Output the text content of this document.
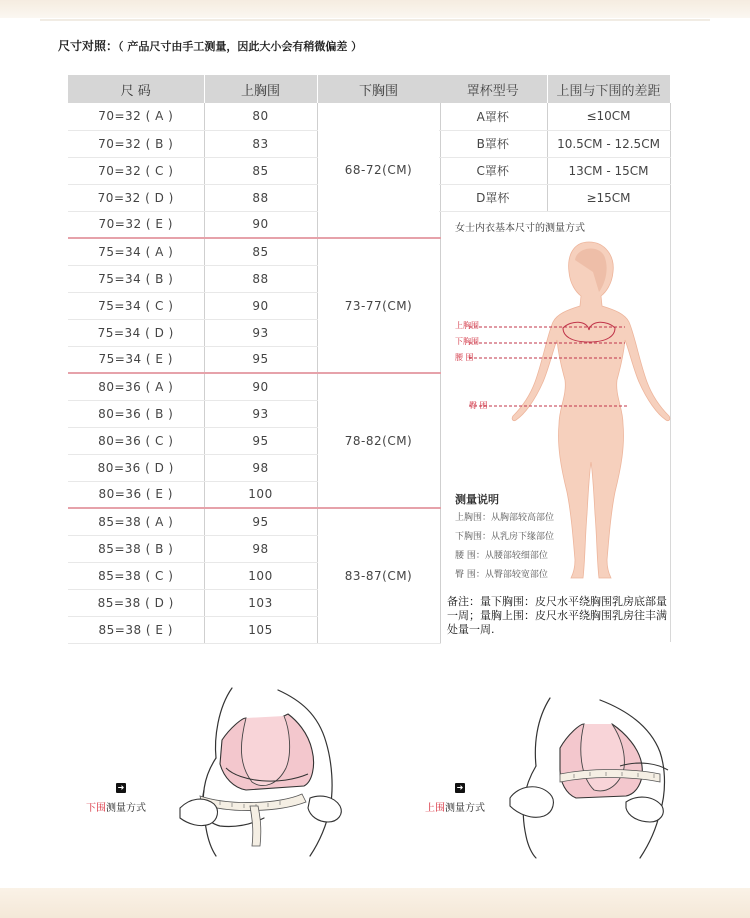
尺寸对照：（ 产品尺寸由手工测量，因此大小会有稍微偏差 ）
尺 码	上胸围	下胸围
70=32 ( A )	80	68-72(CM)
70=32 ( B )	83	
70=32 ( C )	85	
70=32 ( D )	88	
70=32 ( E )	90	
75=34 ( A )	85	73-77(CM)
75=34 ( B )	88	
75=34 ( C )	90	
75=34 ( D )	93	
75=34 ( E )	95	
80=36 ( A )	90	78-82(CM)
80=36 ( B )	93	
80=36 ( C )	95	
80=36 ( D )	98	
80=36 ( E )	100	
85=38 ( A )	95	83-87(CM)
85=38 ( B )	98	
85=38 ( C )	100	
85=38 ( D )	103	
85=38 ( E )	105	
罩杯型号	上围与下围的差距
A罩杯	≤10CM
B罩杯	10.5CM - 12.5CM
C罩杯	13CM - 15CM
D罩杯	≥15CM
女士内衣基本尺寸的测量方式
上胸围
下胸围
腰 围
臀 围
测量说明
上胸围：从胸部较高部位
下胸围：从乳房下缘部位
腰 围：从腰部较细部位
臀 围：从臀部较宽部位
备注：量下胸围：皮尺水平绕胸围乳房底部量一周；量胸上围：皮尺水平绕胸围乳房往丰满处量一周.
➜
下围测量方式
➜
上围测量方式
